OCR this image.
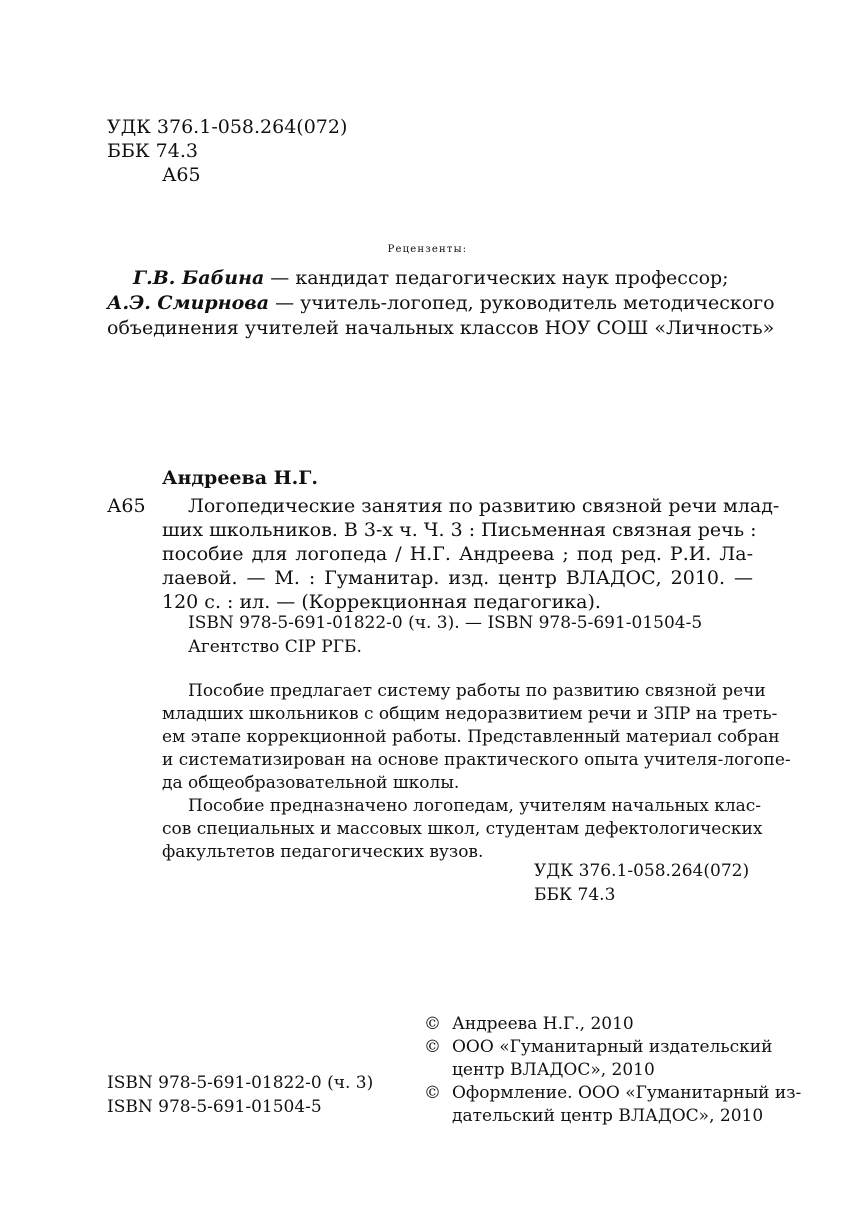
УДК 376.1-058.264(072)
ББК 74.3
А65
Рецензенты:
Г.В. Бабина — кандидат педагогических наук профессор;
А.Э. Смирнова — учитель-логопед, руководитель методического
объединения учителей начальных классов НОУ СОШ «Личность»
Андреева Н.Г.
А65 Логопедические занятия по развитию связной речи млад-
ших школьников. В 3-х ч. Ч. 3 : Письменная связная речь :
пособие для логопеда / Н.Г. Андреева ; под ред. Р.И. Ла-
лаевой. — М. : Гуманитар. изд. центр ВЛАДОС, 2010. —
120 с. : ил. — (Коррекционная педагогика).
ISBN 978-5-691-01822-0 (ч. 3). — ISBN 978-5-691-01504-5
Агентство CIP РГБ.
Пособие предлагает систему работы по развитию связной речи
младших школьников с общим недоразвитием речи и ЗПР на треть-
ем этапе коррекционной работы. Представленный материал собран
и систематизирован на основе практического опыта учителя-логопе-
да общеобразовательной школы.
Пособие предназначено логопедам, учителям начальных клас-
сов специальных и массовых школ, студентам дефектологических
факультетов педагогических вузов.
УДК 376.1-058.264(072)
ББК 74.3
ISBN 978-5-691-01822-0 (ч. 3)
ISBN 978-5-691-01504-5
© Андреева Н.Г., 2010
© ООО «Гуманитарный издательский
центр ВЛАДОС», 2010
© Оформление. ООО «Гуманитарный из-
дательский центр ВЛАДОС», 2010
